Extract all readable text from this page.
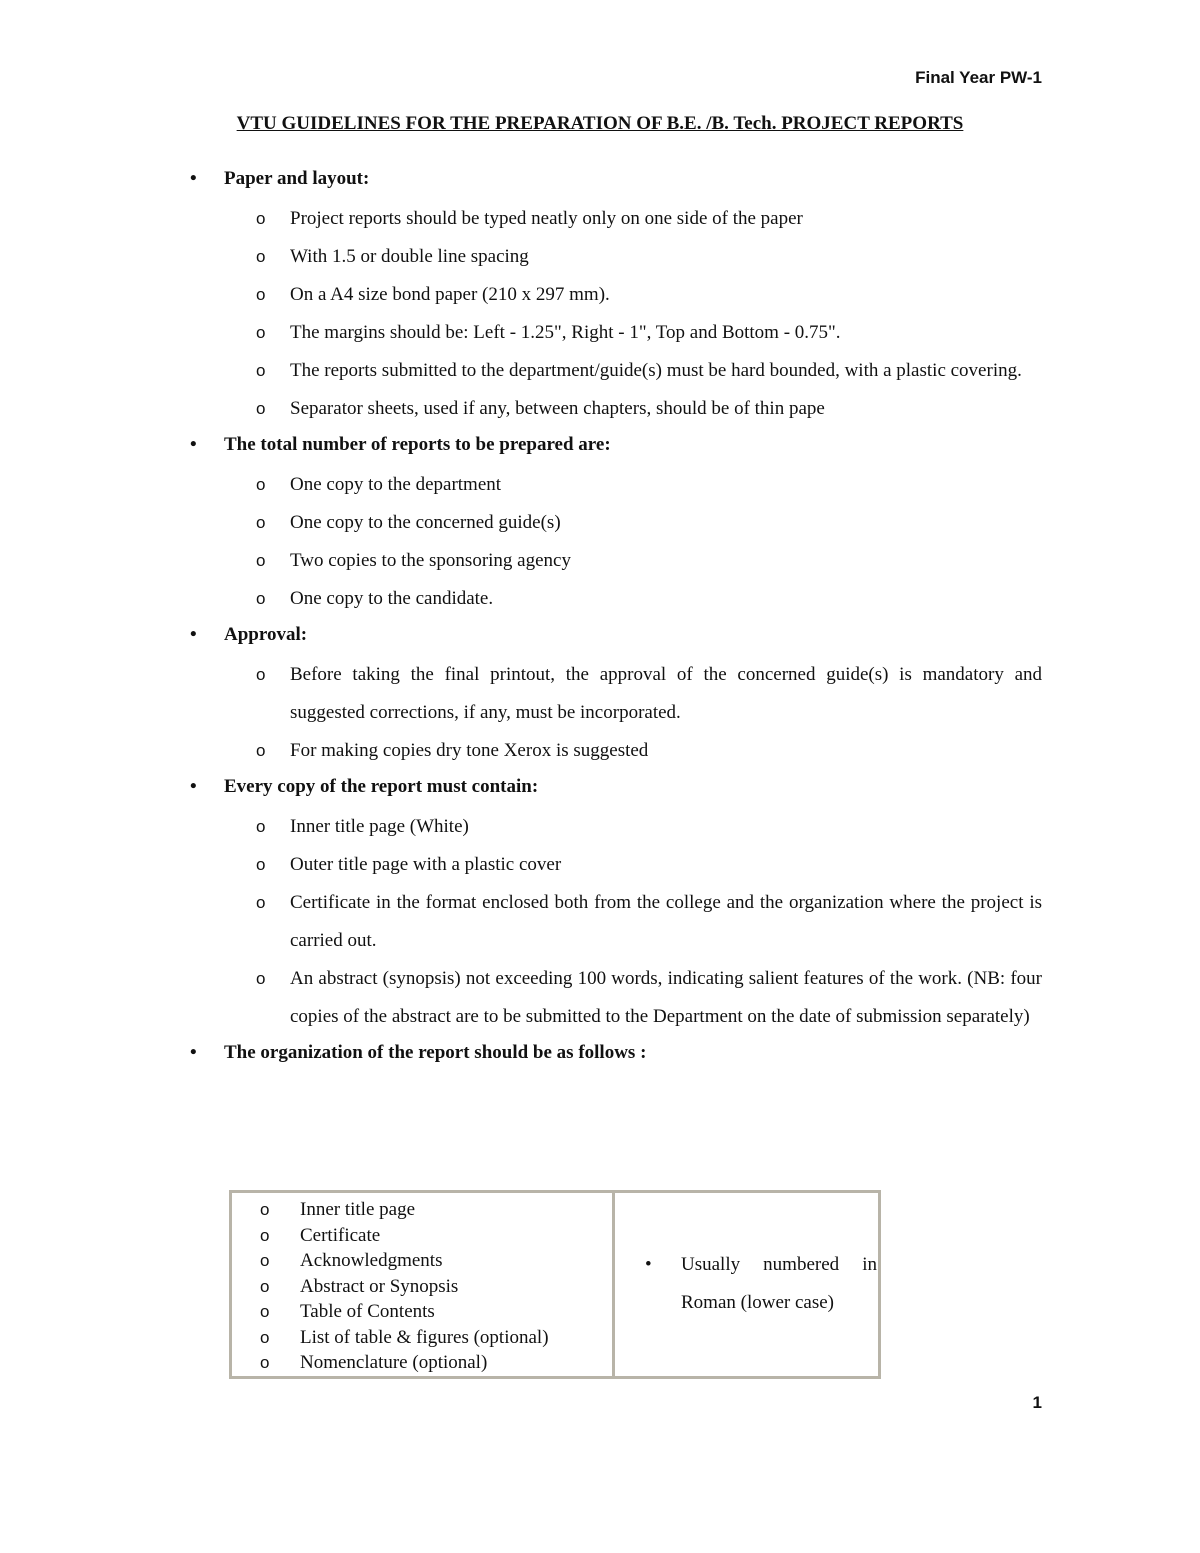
Final Year PW-1
VTU GUIDELINES FOR THE PREPARATION OF B.E. /B. Tech. PROJECT REPORTS
• Paper and layout:
o Project reports should be typed neatly only on one side of the paper
o With 1.5 or double line spacing
o On a A4 size bond paper (210 x 297 mm).
o The margins should be: Left - 1.25", Right - 1", Top and Bottom - 0.75".
o The reports submitted to the department/guide(s) must be hard bounded, with a plastic covering.
o Separator sheets, used if any, between chapters, should be of thin pape
• The total number of reports to be prepared are:
o One copy to the department
o One copy to the concerned guide(s)
o Two copies to the sponsoring agency
o One copy to the candidate.
• Approval:
o Before taking the final printout, the approval of the concerned guide(s) is mandatory and suggested corrections, if any, must be incorporated.
o For making copies dry tone Xerox is suggested
• Every copy of the report must contain:
o Inner title page (White)
o Outer title page with a plastic cover
o Certificate in the format enclosed both from the college and the organization where the project is carried out.
o An abstract (synopsis) not exceeding 100 words, indicating salient features of the work. (NB: four copies of the abstract are to be submitted to the Department on the date of submission separately)
• The organization of the report should be as follows :
o Inner title page
o Certificate
o Acknowledgments
o Abstract or Synopsis
o Table of Contents
o List of table & figures (optional)
o Nomenclature (optional)

• Usually numbered in Roman (lower case)
1
